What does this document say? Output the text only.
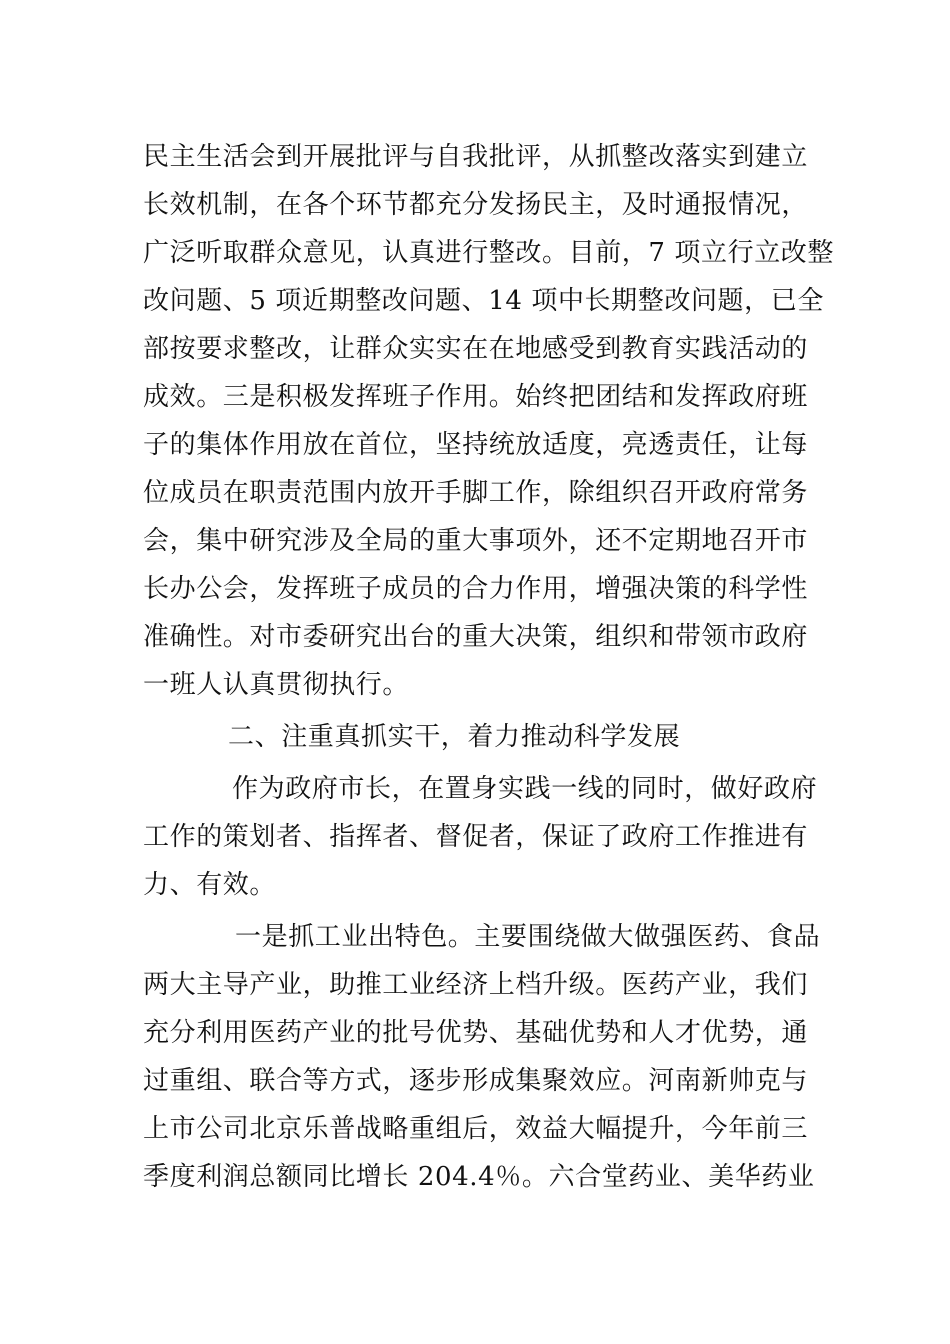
民主生活会到开展批评与自我批评，从抓整改落实到建立
长效机制，在各个环节都充分发扬民主，及时通报情况，
广泛听取群众意见，认真进行整改。目前，7 项立行立改整
改问题、5 项近期整改问题、14 项中长期整改问题，已全
部按要求整改，让群众实实在在地感受到教育实践活动的
成效。三是积极发挥班子作用。始终把团结和发挥政府班
子的集体作用放在首位，坚持统放适度，亮透责任，让每
位成员在职责范围内放开手脚工作，除组织召开政府常务
会，集中研究涉及全局的重大事项外，还不定期地召开市
长办公会，发挥班子成员的合力作用，增强决策的科学性
准确性。对市委研究出台的重大决策，组织和带领市政府
一班人认真贯彻执行。
二、注重真抓实干，着力推动科学发展
作为政府市长，在置身实践一线的同时，做好政府
工作的策划者、指挥者、督促者，保证了政府工作推进有
力、有效。
一是抓工业出特色。主要围绕做大做强医药、食品
两大主导产业，助推工业经济上档升级。医药产业，我们
充分利用医药产业的批号优势、基础优势和人才优势，通
过重组、联合等方式，逐步形成集聚效应。河南新帅克与
上市公司北京乐普战略重组后，效益大幅提升，今年前三
季度利润总额同比增长 204.4％。六合堂药业、美华药业
